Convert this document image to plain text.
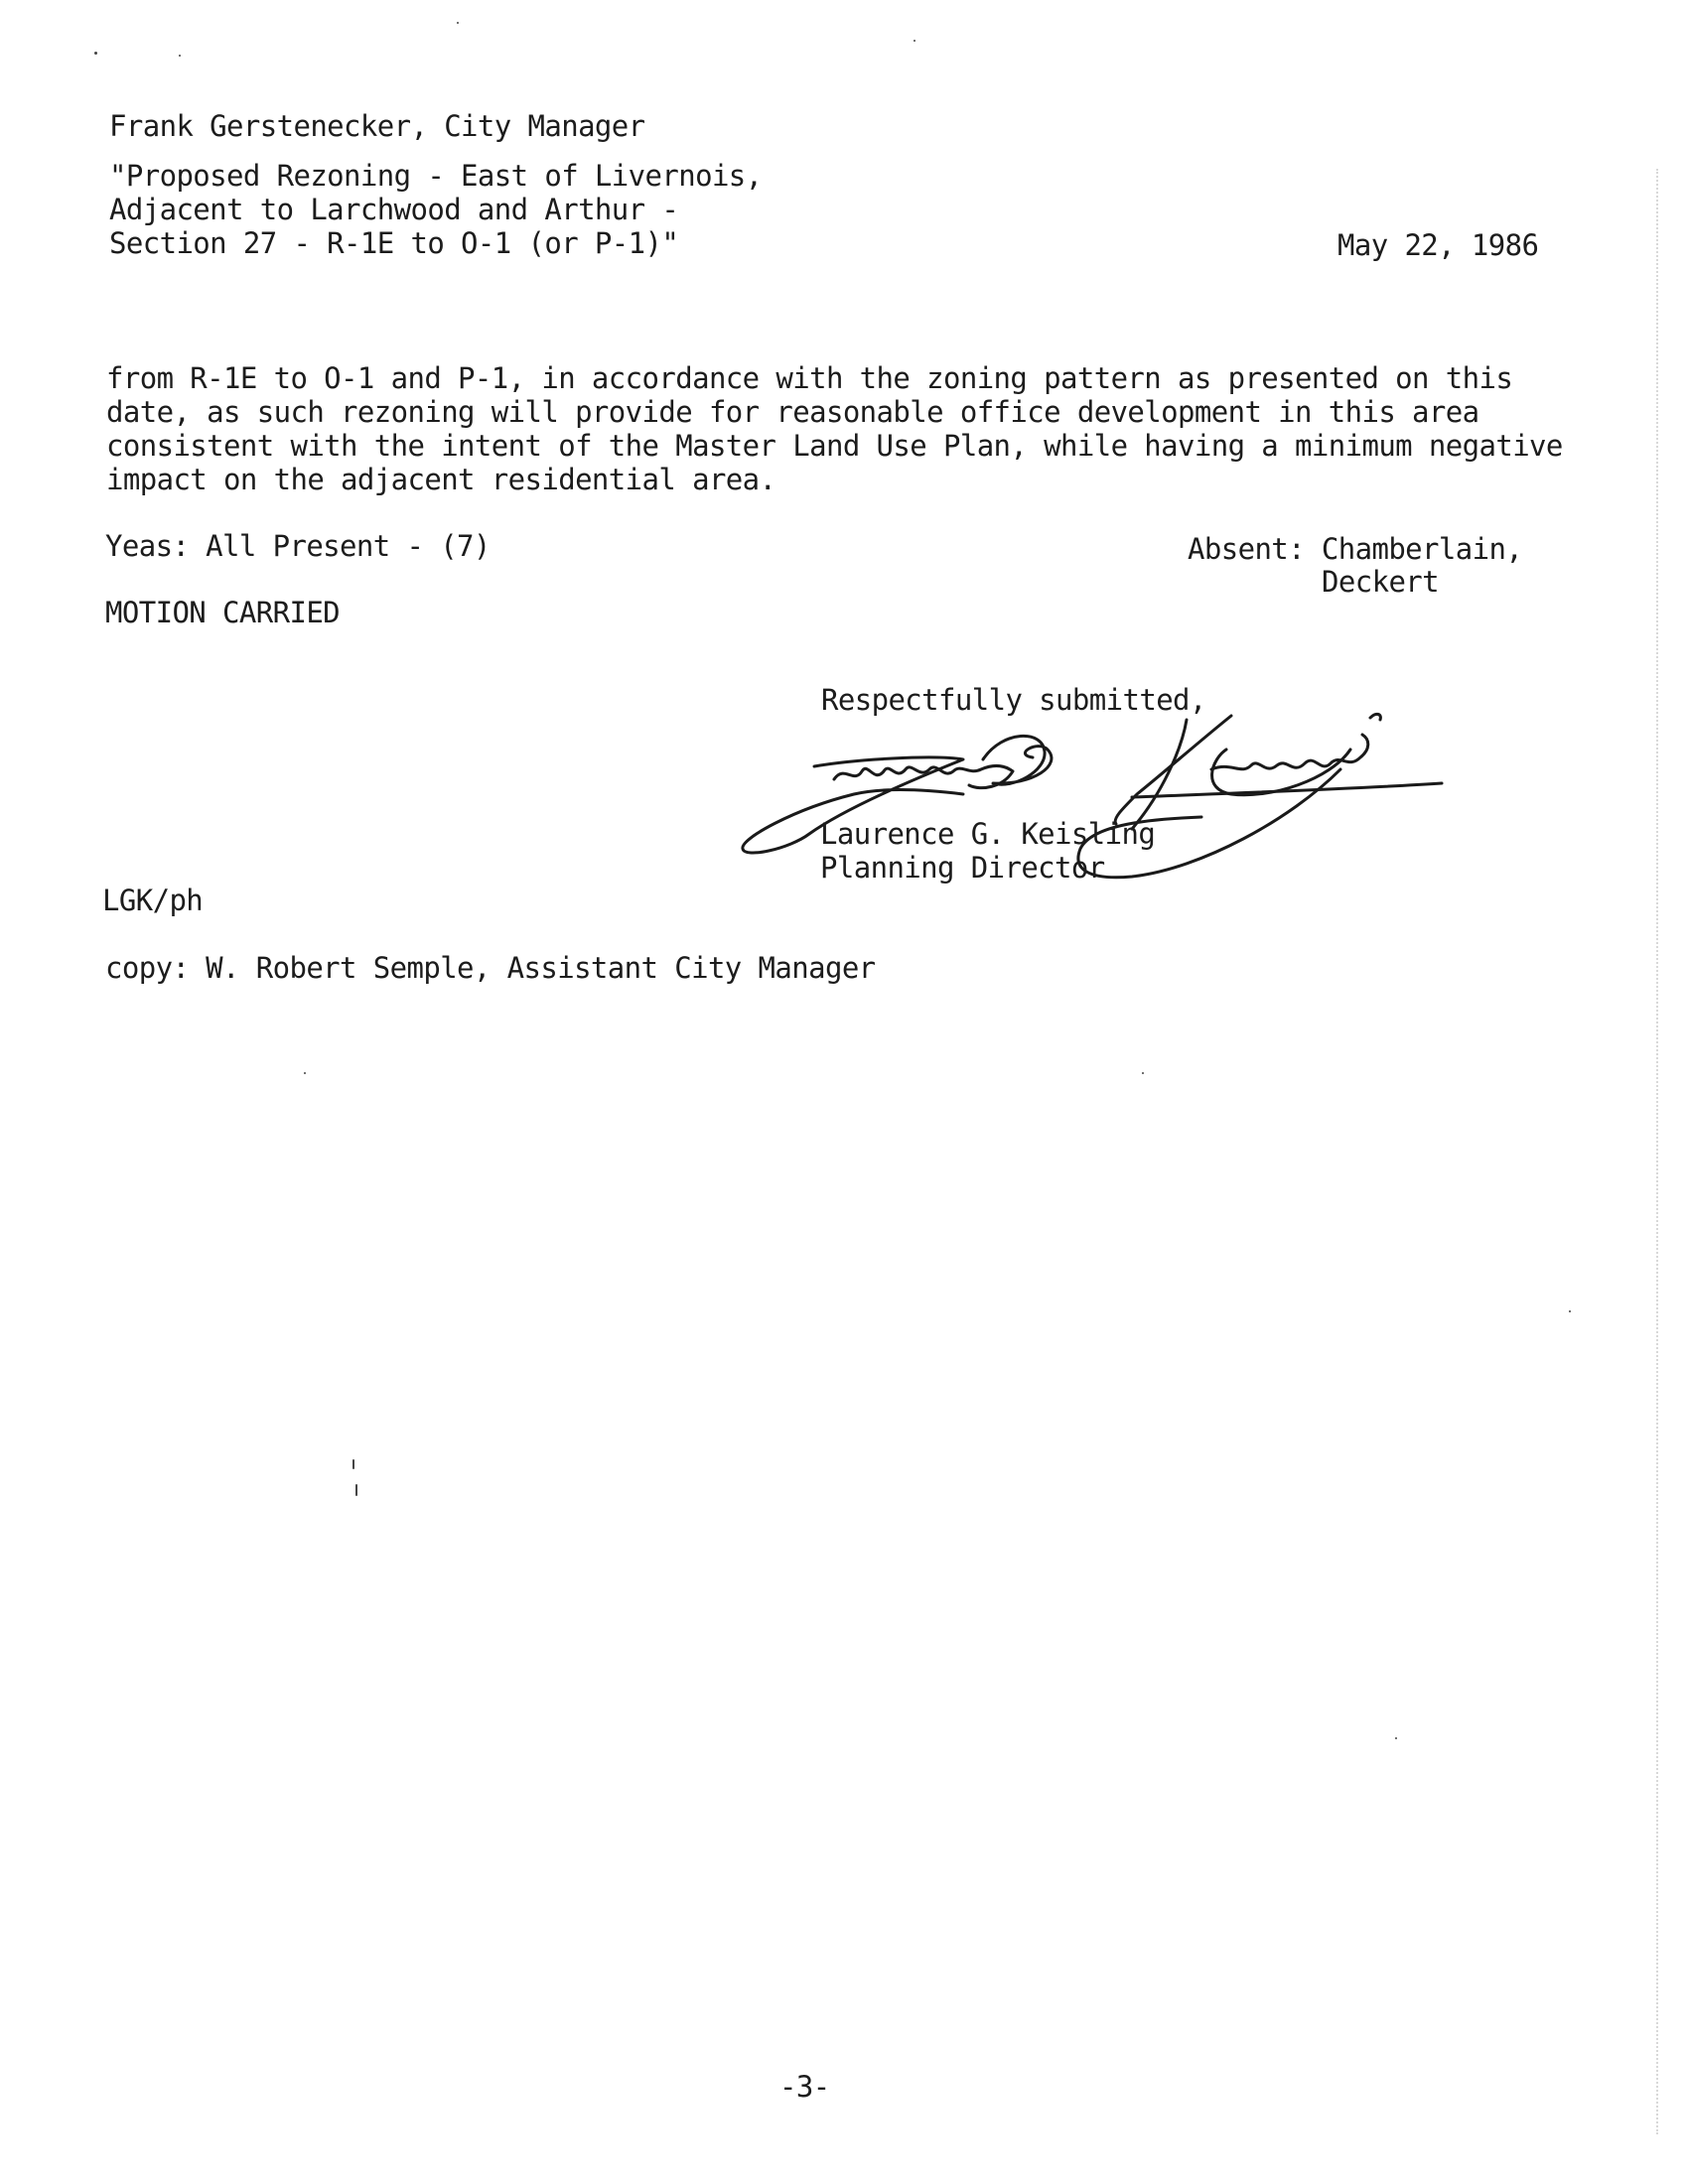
Frank Gerstenecker, City Manager
"Proposed Rezoning - East of Livernois,
Adjacent to Larchwood and Arthur -
Section 27 - R-1E to O-1 (or P-1)"	May 22, 1986
from R-1E to O-1 and P-1, in accordance with the zoning pattern as presented on this
date, as such rezoning will provide for reasonable office development in this area
consistent with the intent of the Master Land Use Plan, while having a minimum negative
impact on the adjacent residential area.
Yeas: All Present - (7)	Absent: Chamberlain,
Deckert
MOTION CARRIED
Respectfully submitted,
Laurence G. Keisling
Planning Director
LGK/ph
copy: W. Robert Semple, Assistant City Manager
-3-
